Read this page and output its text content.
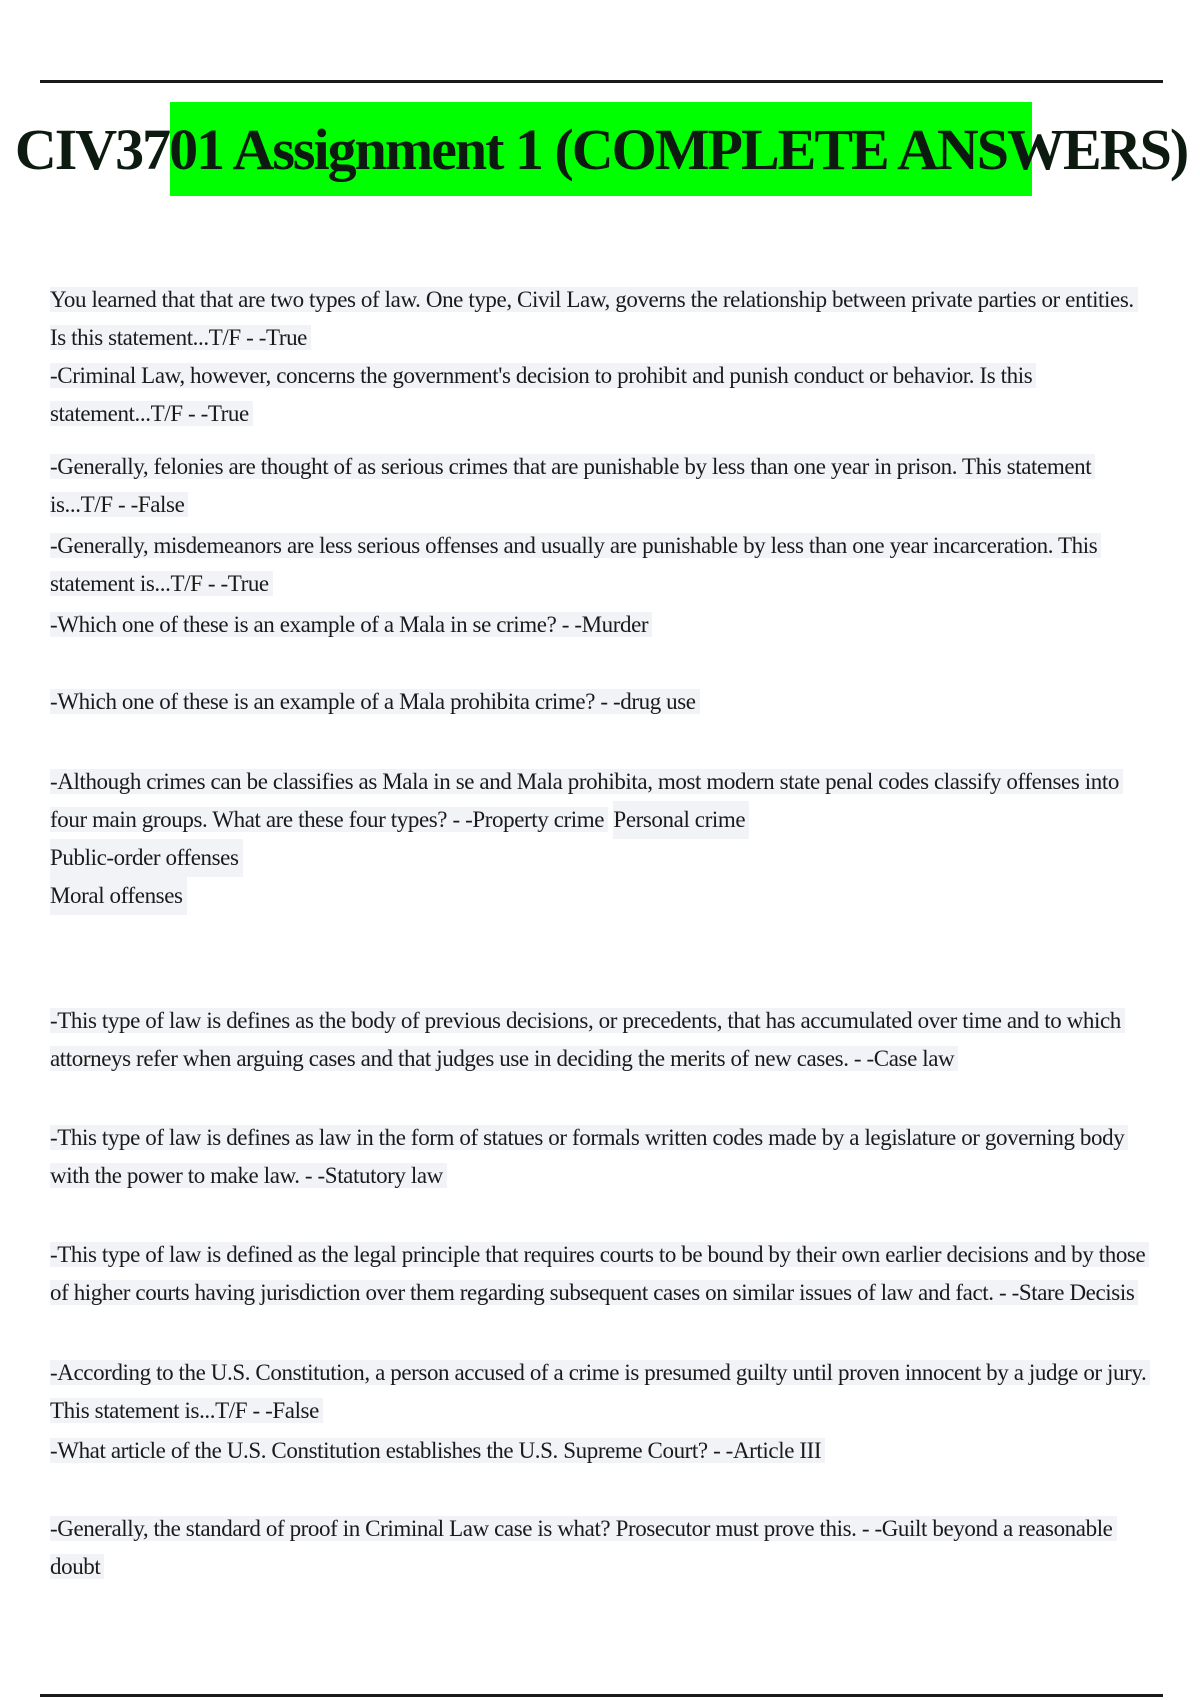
CIV3701 Assignment 1 (COMPLETE ANSWERS)

You learned that that are two types of law. One type, Civil Law, governs the relationship between private parties or entities. Is this statement...T/F - -True

-Criminal Law, however, concerns the government's decision to prohibit and punish conduct or behavior. Is this statement...T/F - -True

-Generally, felonies are thought of as serious crimes that are punishable by less than one year in prison. This statement is...T/F - -False

-Generally, misdemeanors are less serious offenses and usually are punishable by less than one year incarceration. This statement is...T/F - -True

-Which one of these is an example of a Mala in se crime? - -Murder

-Which one of these is an example of a Mala prohibita crime? - -drug use

-Although crimes can be classifies as Mala in se and Mala prohibita, most modern state penal codes classify offenses into four main groups. What are these four types? - -Property crime Personal crime
Public-order offenses
Moral offenses

-This type of law is defines as the body of previous decisions, or precedents, that has accumulated over time and to which attorneys refer when arguing cases and that judges use in deciding the merits of new cases. - -Case law

-This type of law is defines as law in the form of statues or formals written codes made by a legislature or governing body with the power to make law. - -Statutory law

-This type of law is defined as the legal principle that requires courts to be bound by their own earlier decisions and by those of higher courts having jurisdiction over them regarding subsequent cases on similar issues of law and fact. - -Stare Decisis

-According to the U.S. Constitution, a person accused of a crime is presumed guilty until proven innocent by a judge or jury. This statement is...T/F - -False

-What article of the U.S. Constitution establishes the U.S. Supreme Court? - -Article III

-Generally, the standard of proof in Criminal Law case is what? Prosecutor must prove this. - -Guilt beyond a reasonable doubt
